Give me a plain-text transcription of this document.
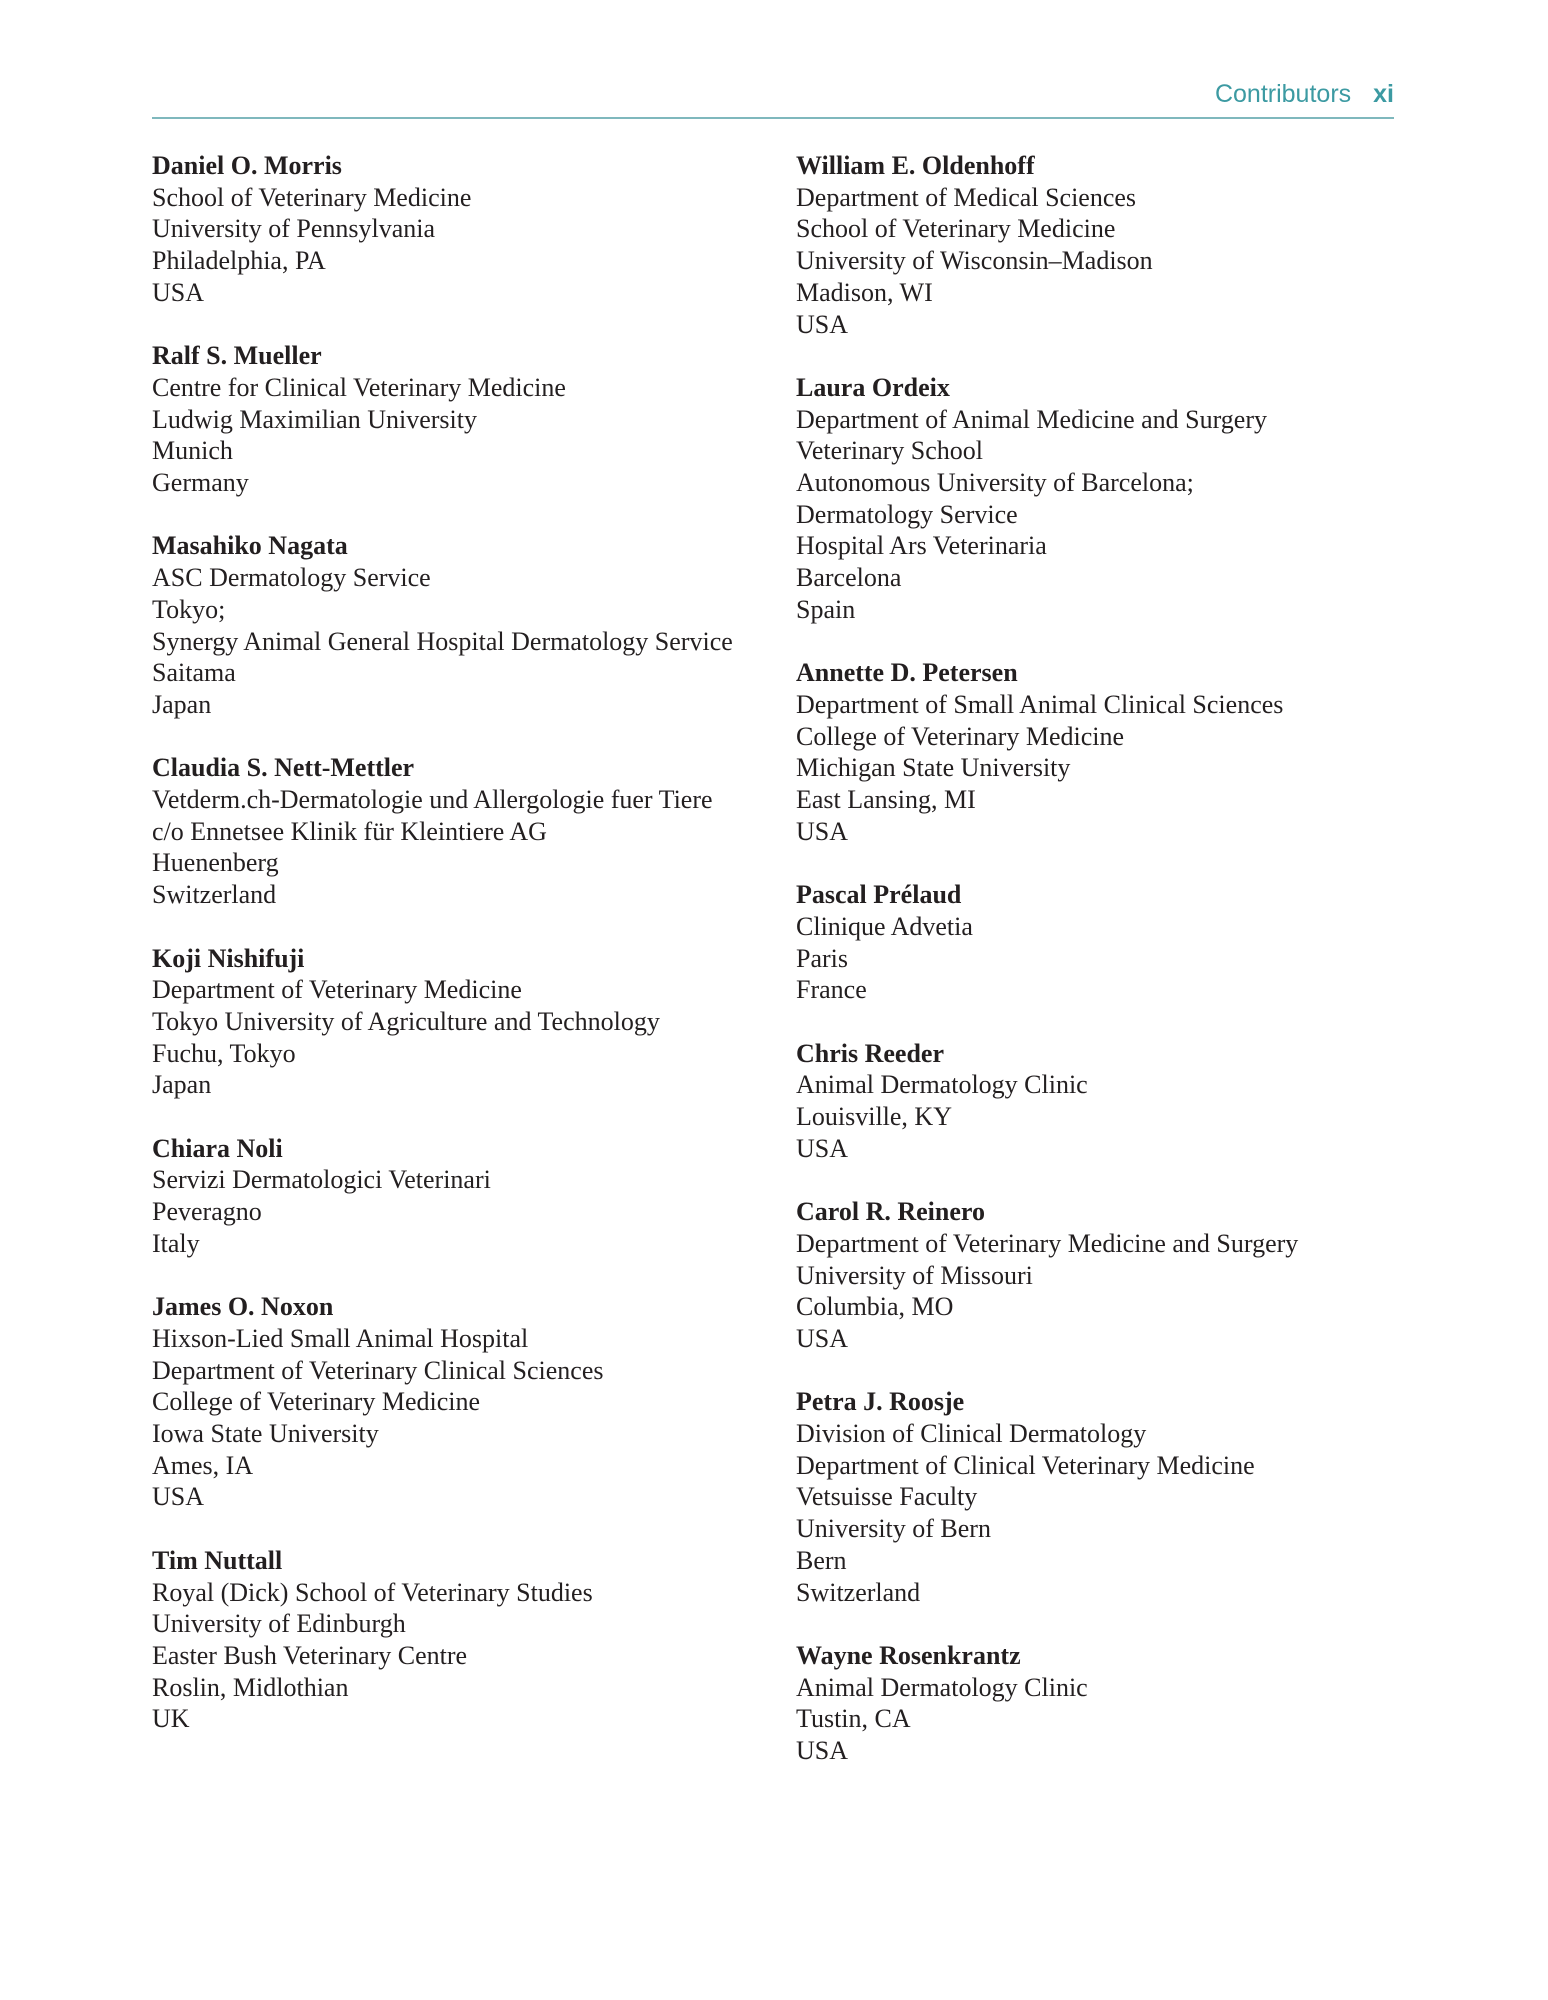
Contributors xi
Daniel O. Morris
School of Veterinary Medicine
University of Pennsylvania
Philadelphia, PA
USA
Ralf S. Mueller
Centre for Clinical Veterinary Medicine
Ludwig Maximilian University
Munich
Germany
Masahiko Nagata
ASC Dermatology Service
Tokyo;
Synergy Animal General Hospital Dermatology Service
Saitama
Japan
Claudia S. Nett-Mettler
Vetderm.ch-Dermatologie und Allergologie fuer Tiere
c/o Ennetsee Klinik für Kleintiere AG
Huenenberg
Switzerland
Koji Nishifuji
Department of Veterinary Medicine
Tokyo University of Agriculture and Technology
Fuchu, Tokyo
Japan
Chiara Noli
Servizi Dermatologici Veterinari
Peveragno
Italy
James O. Noxon
Hixson-Lied Small Animal Hospital
Department of Veterinary Clinical Sciences
College of Veterinary Medicine
Iowa State University
Ames, IA
USA
Tim Nuttall
Royal (Dick) School of Veterinary Studies
University of Edinburgh
Easter Bush Veterinary Centre
Roslin, Midlothian
UK
William E. Oldenhoff
Department of Medical Sciences
School of Veterinary Medicine
University of Wisconsin–Madison
Madison, WI
USA
Laura Ordeix
Department of Animal Medicine and Surgery
Veterinary School
Autonomous University of Barcelona;
Dermatology Service
Hospital Ars Veterinaria
Barcelona
Spain
Annette D. Petersen
Department of Small Animal Clinical Sciences
College of Veterinary Medicine
Michigan State University
East Lansing, MI
USA
Pascal Prélaud
Clinique Advetia
Paris
France
Chris Reeder
Animal Dermatology Clinic
Louisville, KY
USA
Carol R. Reinero
Department of Veterinary Medicine and Surgery
University of Missouri
Columbia, MO
USA
Petra J. Roosje
Division of Clinical Dermatology
Department of Clinical Veterinary Medicine
Vetsuisse Faculty
University of Bern
Bern
Switzerland
Wayne Rosenkrantz
Animal Dermatology Clinic
Tustin, CA
USA
